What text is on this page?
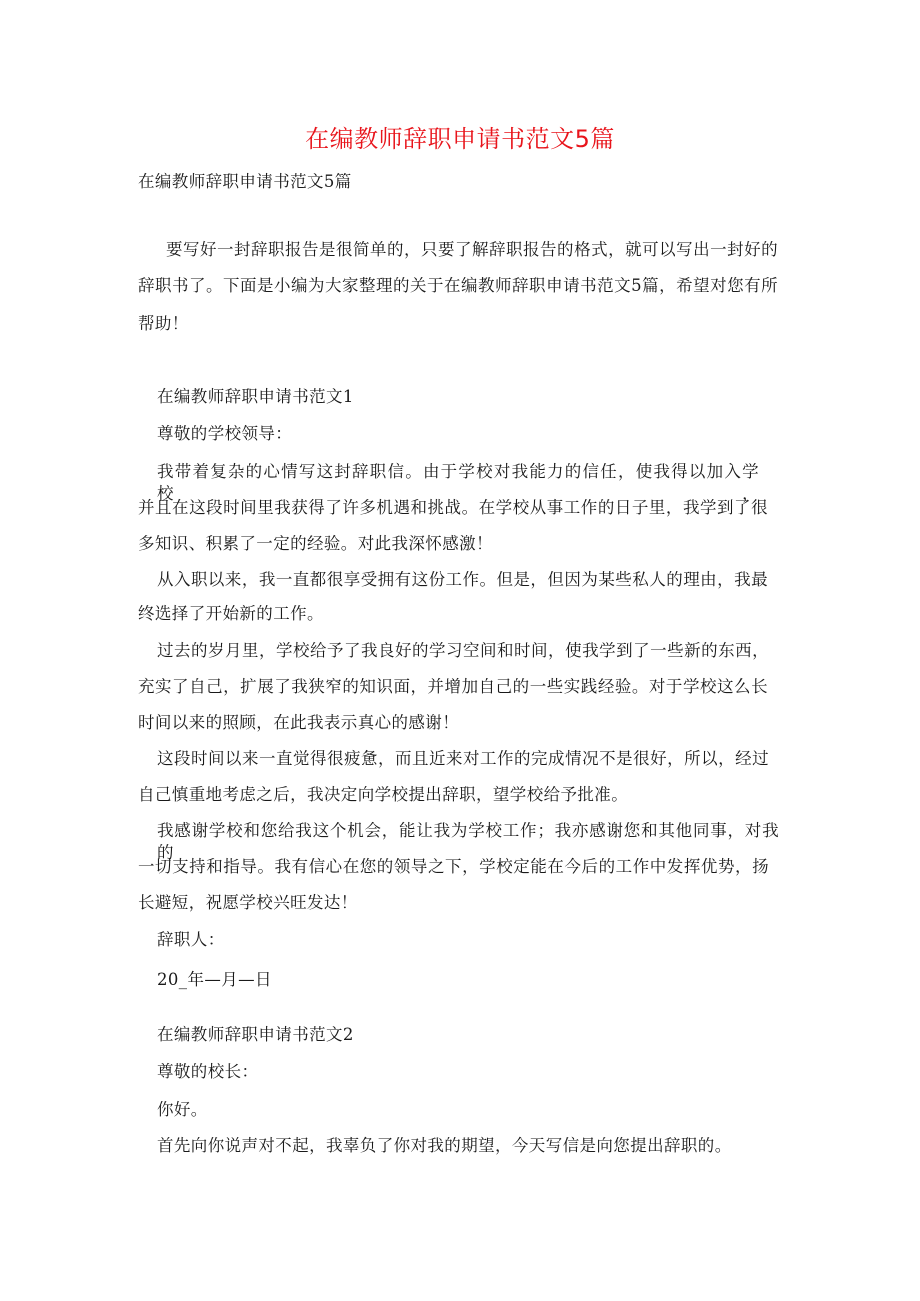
在编教师辞职申请书范文5篇
在编教师辞职申请书范文5篇
要写好一封辞职报告是很简单的，只要了解辞职报告的格式，就可以写出一封好的
辞职书了。下面是小编为大家整理的关于在编教师辞职申请书范文5篇，希望对您有所
帮助！
在编教师辞职申请书范文1
尊敬的学校领导：
我带着复杂的心情写这封辞职信。由于学校对我能力的信任，使我得以加入学校，
并且在这段时间里我获得了许多机遇和挑战。在学校从事工作的日子里，我学到了很
多知识、积累了一定的经验。对此我深怀感激！
从入职以来，我一直都很享受拥有这份工作。但是，但因为某些私人的理由，我最
终选择了开始新的工作。
过去的岁月里，学校给予了我良好的学习空间和时间，使我学到了一些新的东西，
充实了自己，扩展了我狭窄的知识面，并增加自己的一些实践经验。对于学校这么长
时间以来的照顾，在此我表示真心的感谢！
这段时间以来一直觉得很疲惫，而且近来对工作的完成情况不是很好，所以，经过
自己慎重地考虑之后，我决定向学校提出辞职，望学校给予批准。
我感谢学校和您给我这个机会，能让我为学校工作；我亦感谢您和其他同事，对我的
一切支持和指导。我有信心在您的领导之下，学校定能在今后的工作中发挥优势，扬
长避短，祝愿学校兴旺发达！
辞职人：
20_年—月—日
在编教师辞职申请书范文2
尊敬的校长：
你好。
首先向你说声对不起，我辜负了你对我的期望，今天写信是向您提出辞职的。
